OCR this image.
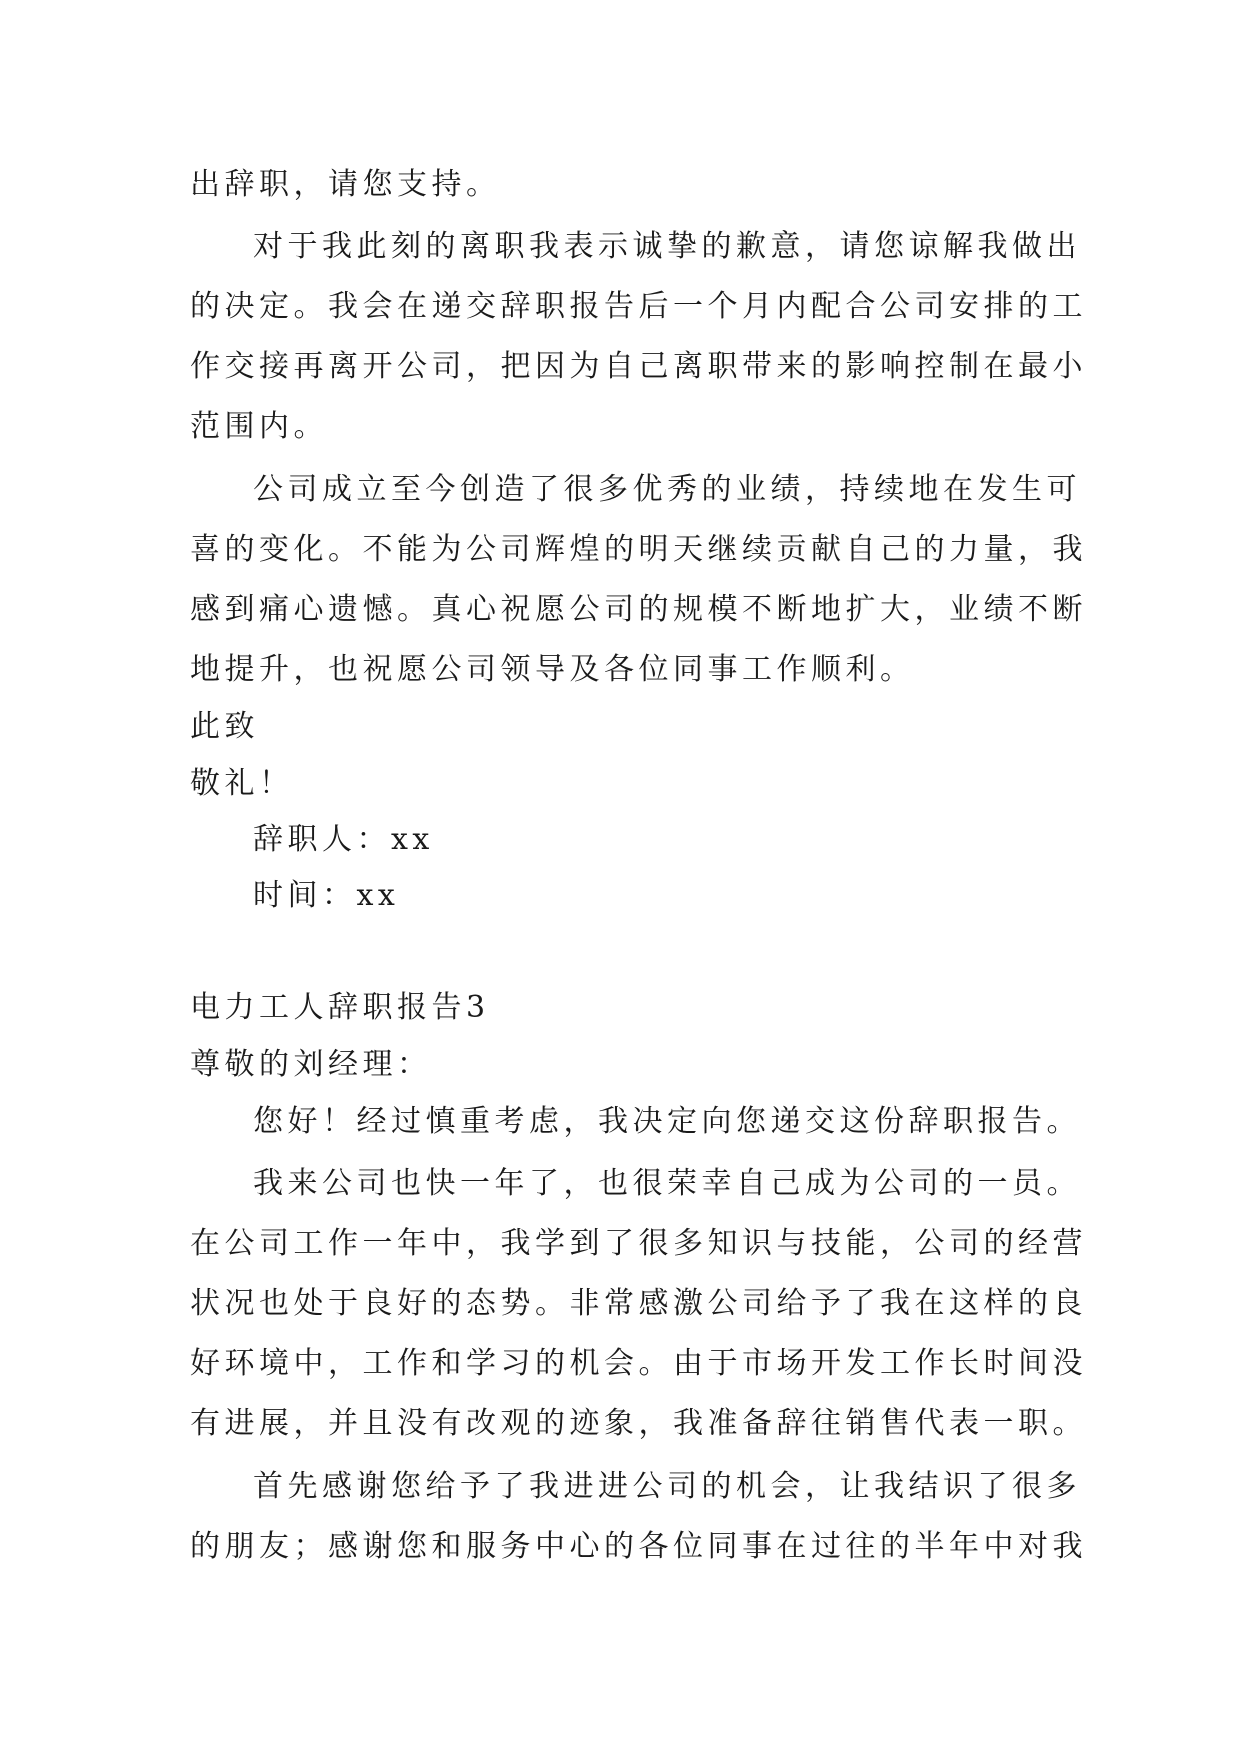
出辞职，请您支持。
对于我此刻的离职我表示诚挚的歉意，请您谅解我做出
的决定。我会在递交辞职报告后一个月内配合公司安排的工
作交接再离开公司，把因为自己离职带来的影响控制在最小
范围内。
公司成立至今创造了很多优秀的业绩，持续地在发生可
喜的变化。不能为公司辉煌的明天继续贡献自己的力量，我
感到痛心遗憾。真心祝愿公司的规模不断地扩大，业绩不断
地提升，也祝愿公司领导及各位同事工作顺利。
此致
敬礼！
辞职人：xx
时间：xx
电力工人辞职报告3
尊敬的刘经理：
您好！经过慎重考虑，我决定向您递交这份辞职报告。
我来公司也快一年了，也很荣幸自己成为公司的一员。
在公司工作一年中，我学到了很多知识与技能，公司的经营
状况也处于良好的态势。非常感激公司给予了我在这样的良
好环境中，工作和学习的机会。由于市场开发工作长时间没
有进展，并且没有改观的迹象，我准备辞往销售代表一职。
首先感谢您给予了我进进公司的机会，让我结识了很多
的朋友；感谢您和服务中心的各位同事在过往的半年中对我
